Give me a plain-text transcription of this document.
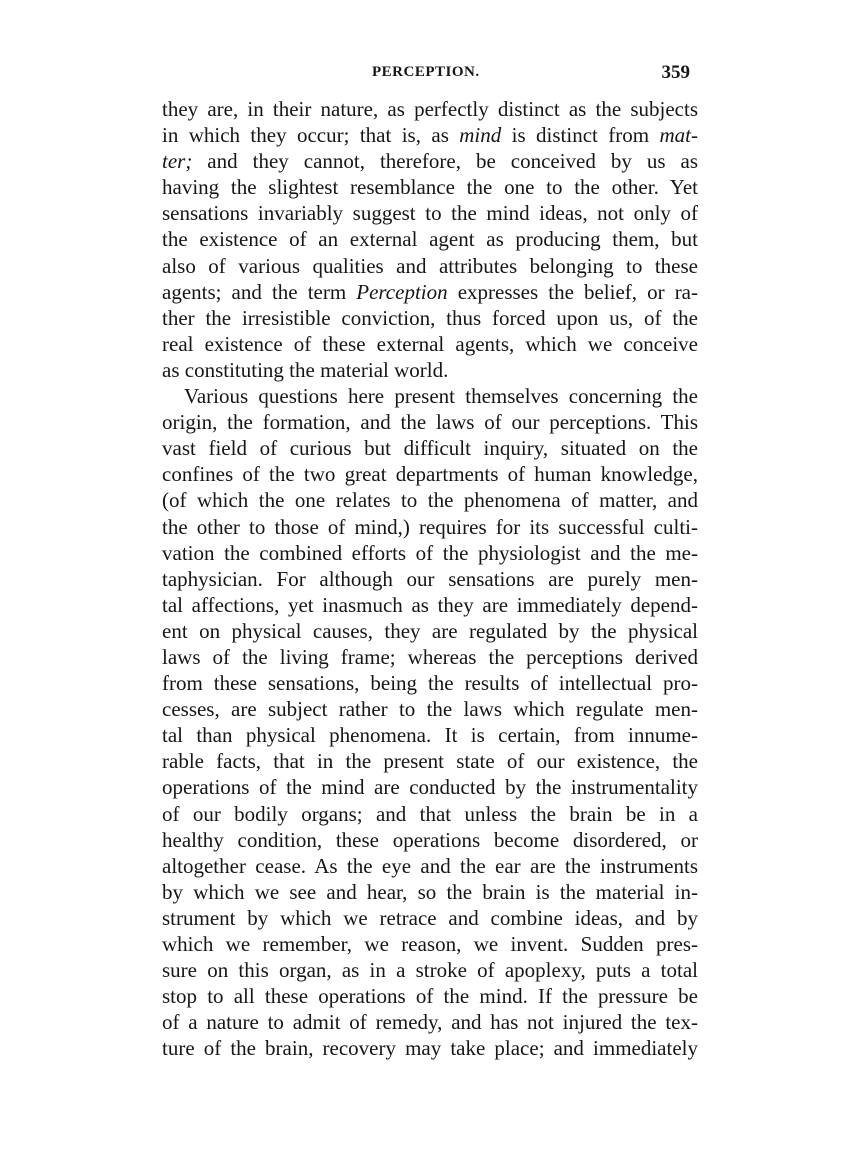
PERCEPTION.	359
they are, in their nature, as perfectly distinct as the subjects
in which they occur; that is, as mind is distinct from mat-
ter; and they cannot, therefore, be conceived by us as
having the slightest resemblance the one to the other. Yet
sensations invariably suggest to the mind ideas, not only of
the existence of an external agent as producing them, but
also of various qualities and attributes belonging to these
agents; and the term Perception expresses the belief, or ra-
ther the irresistible conviction, thus forced upon us, of the
real existence of these external agents, which we conceive
as constituting the material world.
Various questions here present themselves concerning the
origin, the formation, and the laws of our perceptions. This
vast field of curious but difficult inquiry, situated on the
confines of the two great departments of human knowledge,
(of which the one relates to the phenomena of matter, and
the other to those of mind,) requires for its successful culti-
vation the combined efforts of the physiologist and the me-
taphysician. For although our sensations are purely men-
tal affections, yet inasmuch as they are immediately depend-
ent on physical causes, they are regulated by the physical
laws of the living frame; whereas the perceptions derived
from these sensations, being the results of intellectual pro-
cesses, are subject rather to the laws which regulate men-
tal than physical phenomena. It is certain, from innume-
rable facts, that in the present state of our existence, the
operations of the mind are conducted by the instrumentality
of our bodily organs; and that unless the brain be in a
healthy condition, these operations become disordered, or
altogether cease. As the eye and the ear are the instruments
by which we see and hear, so the brain is the material in-
strument by which we retrace and combine ideas, and by
which we remember, we reason, we invent. Sudden pres-
sure on this organ, as in a stroke of apoplexy, puts a total
stop to all these operations of the mind. If the pressure be
of a nature to admit of remedy, and has not injured the tex-
ture of the brain, recovery may take place; and immediately
